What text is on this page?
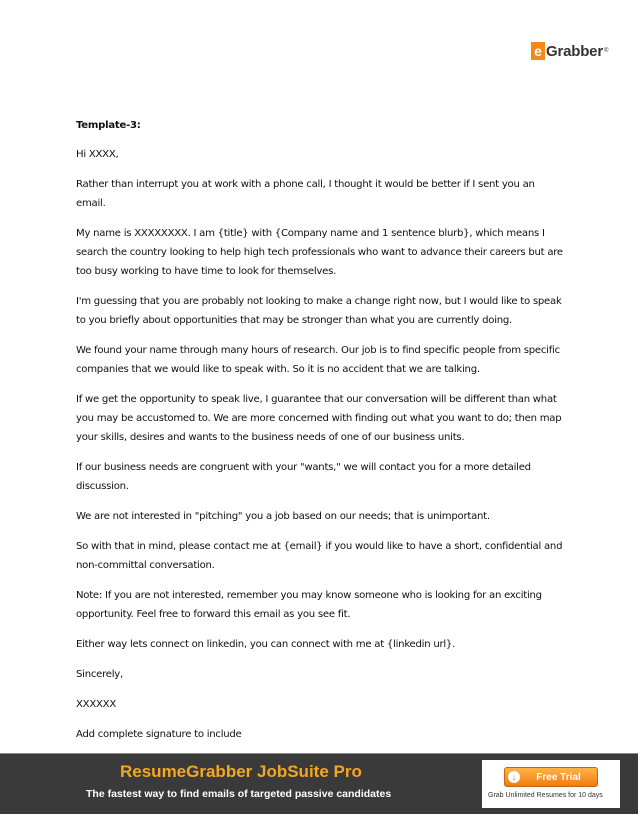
e Grabber ®

Template-3:

Hi XXXX,

Rather than interrupt you at work with a phone call, I thought it would be better if I sent you an email.

My name is XXXXXXXX. I am {title} with {Company name and 1 sentence blurb}, which means I search the country looking to help high tech professionals who want to advance their careers but are too busy working to have time to look for themselves.

I'm guessing that you are probably not looking to make a change right now, but I would like to speak to you briefly about opportunities that may be stronger than what you are currently doing.

We found your name through many hours of research. Our job is to find specific people from specific companies that we would like to speak with. So it is no accident that we are talking.

If we get the opportunity to speak live, I guarantee that our conversation will be different than what you may be accustomed to. We are more concerned with finding out what you want to do; then map your skills, desires and wants to the business needs of one of our business units.

If our business needs are congruent with your "wants," we will contact you for a more detailed discussion.

We are not interested in "pitching" you a job based on our needs; that is unimportant.

So with that in mind, please contact me at {email} if you would like to have a short, confidential and non-committal conversation.

Note: If you are not interested, remember you may know someone who is looking for an exciting opportunity. Feel free to forward this email as you see fit.

Either way lets connect on linkedin, you can connect with me at {linkedin url}.

Sincerely,

XXXXXX

Add complete signature to include

ResumeGrabber JobSuite Pro
The fastest way to find emails of targeted passive candidates
↓	Free Trial
Grab Unlimited Resumes for 10 days
